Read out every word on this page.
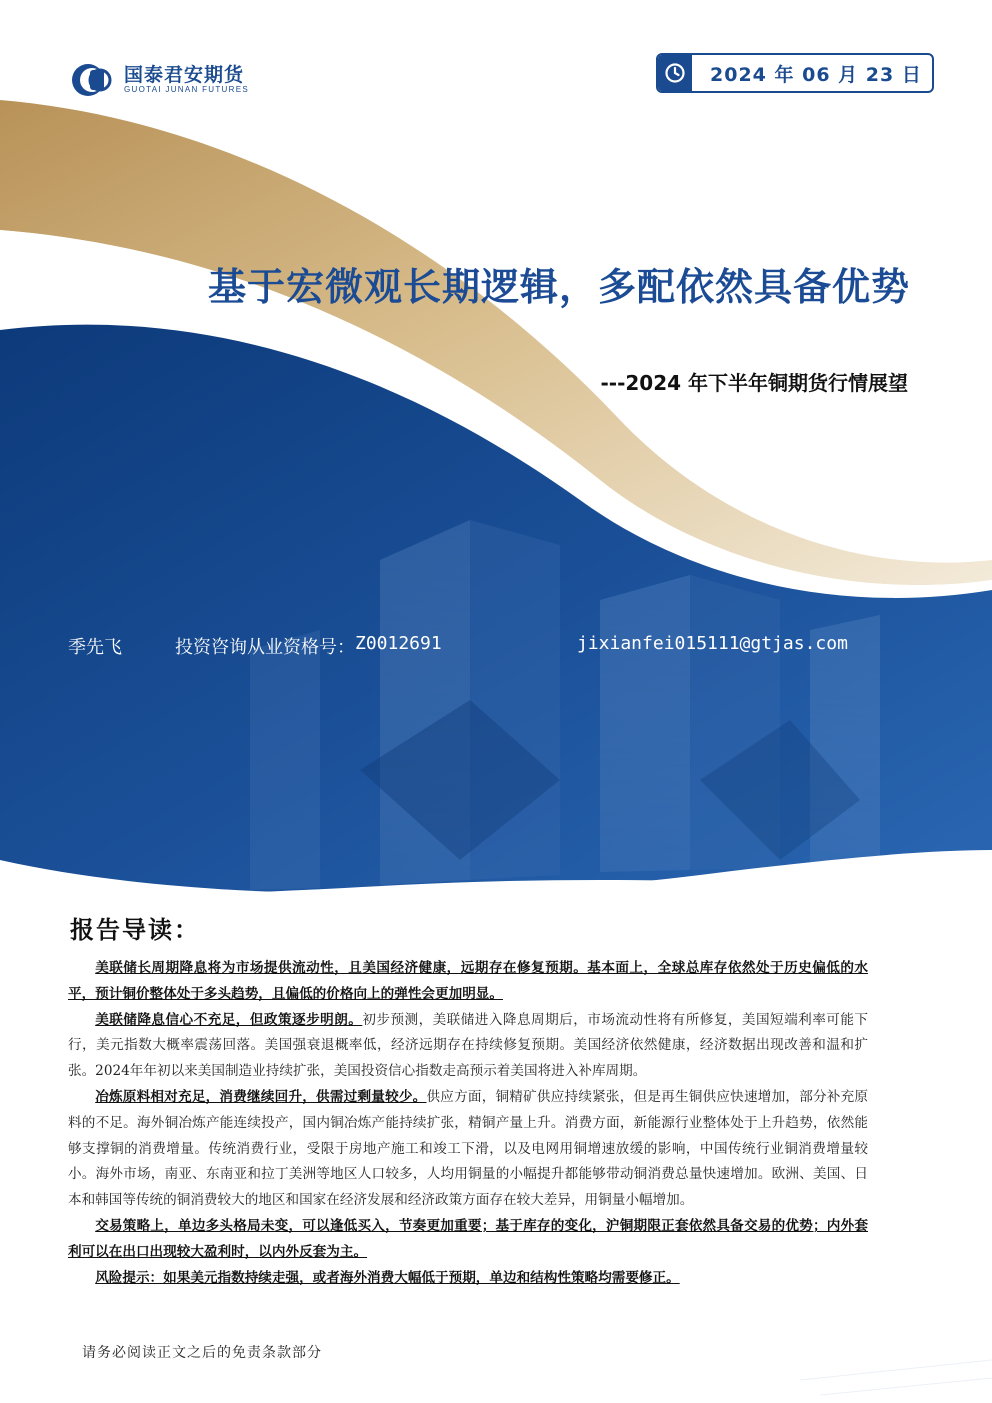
国泰君安期货
GUOTAI JUNAN FUTURES
2024 年 06 月 23 日
基于宏微观长期逻辑，多配依然具备优势
---2024 年下半年铜期货行情展望
季先飞	投资咨询从业资格号： Z0012691	jixianfei015111@gtjas.com
报告导读：

美联储长周期降息将为市场提供流动性，且美国经济健康，远期存在修复预期。基本面上，全球总库存依然处于历史偏低的水平，预计铜价整体处于多头趋势，且偏低的价格向上的弹性会更加明显。

美联储降息信心不充足，但政策逐步明朗。初步预测，美联储进入降息周期后，市场流动性将有所修复，美国短端利率可能下行，美元指数大概率震荡回落。美国强衰退概率低，经济远期存在持续修复预期。美国经济依然健康，经济数据出现改善和温和扩张。2024年年初以来美国制造业持续扩张，美国投资信心指数走高预示着美国将进入补库周期。

冶炼原料相对充足，消费继续回升，供需过剩量较少。供应方面，铜精矿供应持续紧张，但是再生铜供应快速增加，部分补充原料的不足。海外铜冶炼产能连续投产，国内铜冶炼产能持续扩张，精铜产量上升。消费方面，新能源行业整体处于上升趋势，依然能够支撑铜的消费增量。传统消费行业，受限于房地产施工和竣工下滑，以及电网用铜增速放缓的影响，中国传统行业铜消费增量较小。海外市场，南亚、东南亚和拉丁美洲等地区人口较多，人均用铜量的小幅提升都能够带动铜消费总量快速增加。欧洲、美国、日本和韩国等传统的铜消费较大的地区和国家在经济发展和经济政策方面存在较大差异，用铜量小幅增加。

交易策略上，单边多头格局未变，可以逢低买入，节奏更加重要；基于库存的变化，沪铜期限正套依然具备交易的优势；内外套利可以在出口出现较大盈利时，以内外反套为主。

风险提示：如果美元指数持续走强，或者海外消费大幅低于预期，单边和结构性策略均需要修正。

请务必阅读正文之后的免责条款部分
